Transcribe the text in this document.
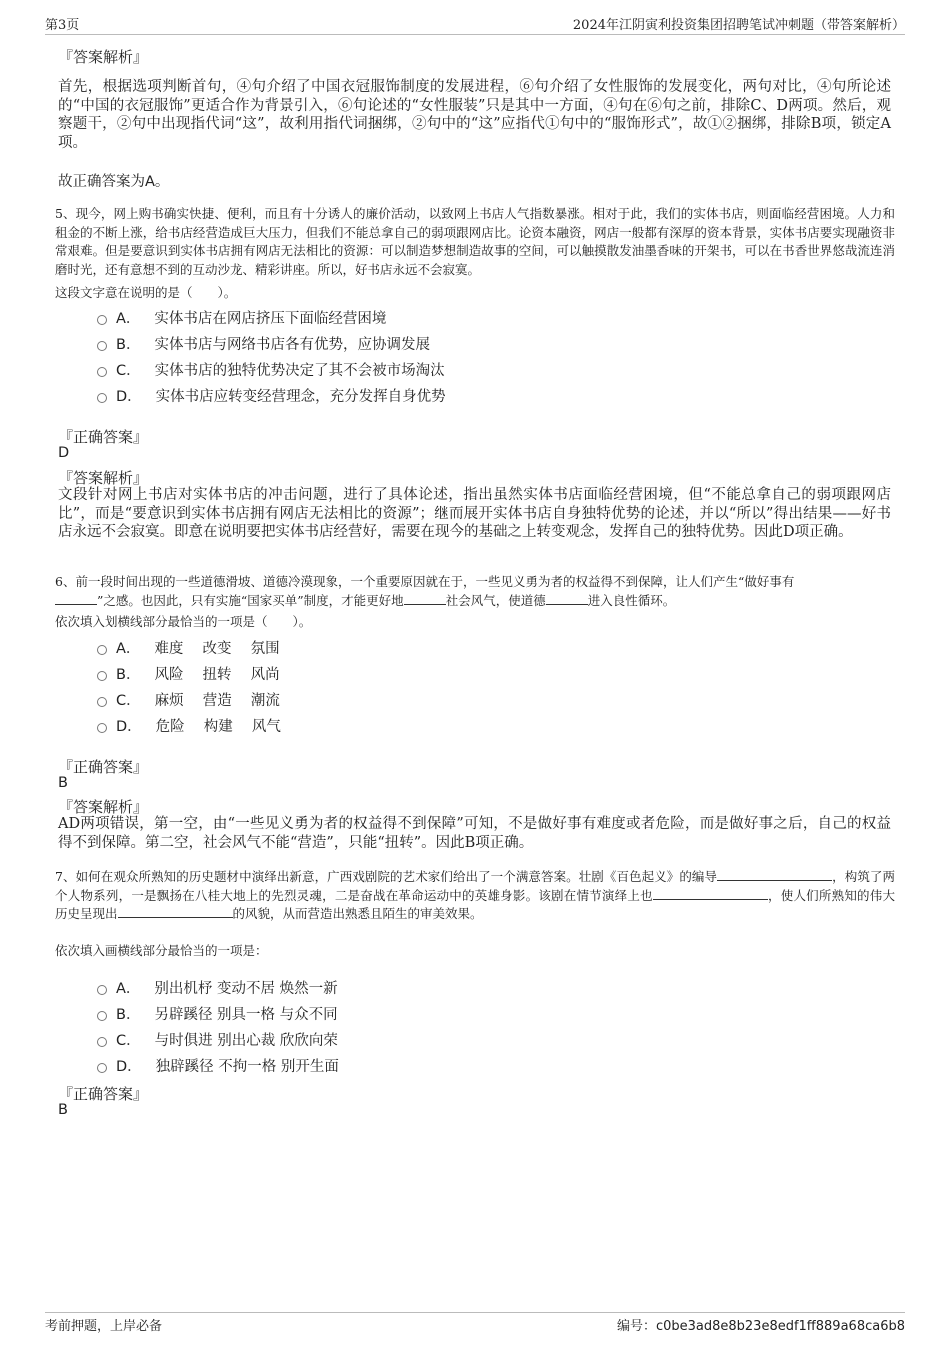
第3页	2024年江阴寅利投资集团招聘笔试冲刺题（带答案解析）
『答案解析』

首先，根据选项判断首句，④句介绍了中国衣冠服饰制度的发展进程，⑥句介绍了女性服饰的发展变化，两句对比，④句所论述的“中国的衣冠服饰”更适合作为背景引入，⑥句论述的“女性服装”只是其中一方面，④句在⑥句之前，排除C、D两项。然后，观察题干，②句中出现指代词“这”，故利用指代词捆绑，②句中的“这”应指代①句中的“服饰形式”，故①②捆绑，排除B项，锁定A项。

故正确答案为A。

5、现今，网上购书确实快捷、便利，而且有十分诱人的廉价活动，以致网上书店人气指数暴涨。相对于此，我们的实体书店，则面临经营困境。人力和租金的不断上涨，给书店经营造成巨大压力，但我们不能总拿自己的弱项跟网店比。论资本融资，网店一般都有深厚的资本背景，实体书店要实现融资非常艰难。但是要意识到实体书店拥有网店无法相比的资源：可以制造梦想制造故事的空间，可以触摸散发油墨香味的开架书，可以在书香世界悠哉流连消磨时光，还有意想不到的互动沙龙、精彩讲座。所以，好书店永远不会寂寞。

这段文字意在说明的是（　　）。
A． 实体书店在网店挤压下面临经营困境
B． 实体书店与网络书店各有优势，应协调发展
C． 实体书店的独特优势决定了其不会被市场淘汰
D． 实体书店应转变经营理念，充分发挥自身优势
『正确答案』
D
『答案解析』

文段针对网上书店对实体书店的冲击问题，进行了具体论述，指出虽然实体书店面临经营困境，但“不能总拿自己的弱项跟网店比”，而是“要意识到实体书店拥有网店无法相比的资源”；继而展开实体书店自身独特优势的论述，并以“所以”得出结果——好书店永远不会寂寞。即意在说明要把实体书店经营好，需要在现今的基础之上转变观念，发挥自己的独特优势。因此D项正确。

6、前一段时间出现的一些道德滑坡、道德冷漠现象，一个重要原因就在于，一些见义勇为者的权益得不到保障，让人们产生“做好事有
”之感。也因此，只有实施“国家买单”制度，才能更好地	社会风气，使道德	进入良性循环。

依次填入划横线部分最恰当的一项是（　　）。
A． 难度　 改变　 氛围
B． 风险　 扭转　 风尚
C． 麻烦　 营造　 潮流
D． 危险　 构建　 风气
『正确答案』
B
『答案解析』

AD两项错误，第一空，由“一些见义勇为者的权益得不到保障”可知，不是做好事有难度或者危险，而是做好事之后，自己的权益得不到保障。第二空，社会风气不能“营造”，只能“扭转”。因此B项正确。

7、如何在观众所熟知的历史题材中演绎出新意，广西戏剧院的艺术家们给出了一个满意答案。壮剧《百色起义》的编导	，构筑了两个人物系列，一是飘扬在八桂大地上的先烈灵魂，二是奋战在革命运动中的英雄身影。该剧在情节演绎上也	，使人们所熟知的伟大历史呈现出	的风貌，从而营造出熟悉且陌生的审美效果。

依次填入画横线部分最恰当的一项是：
A． 别出机杼 变动不居 焕然一新
B． 另辟蹊径 别具一格 与众不同
C． 与时俱进 别出心裁 欣欣向荣
D． 独辟蹊径 不拘一格 别开生面
『正确答案』
B
考前押题，上岸必备	编号：c0be3ad8e8b23e8edf1ff889a68ca6b8
